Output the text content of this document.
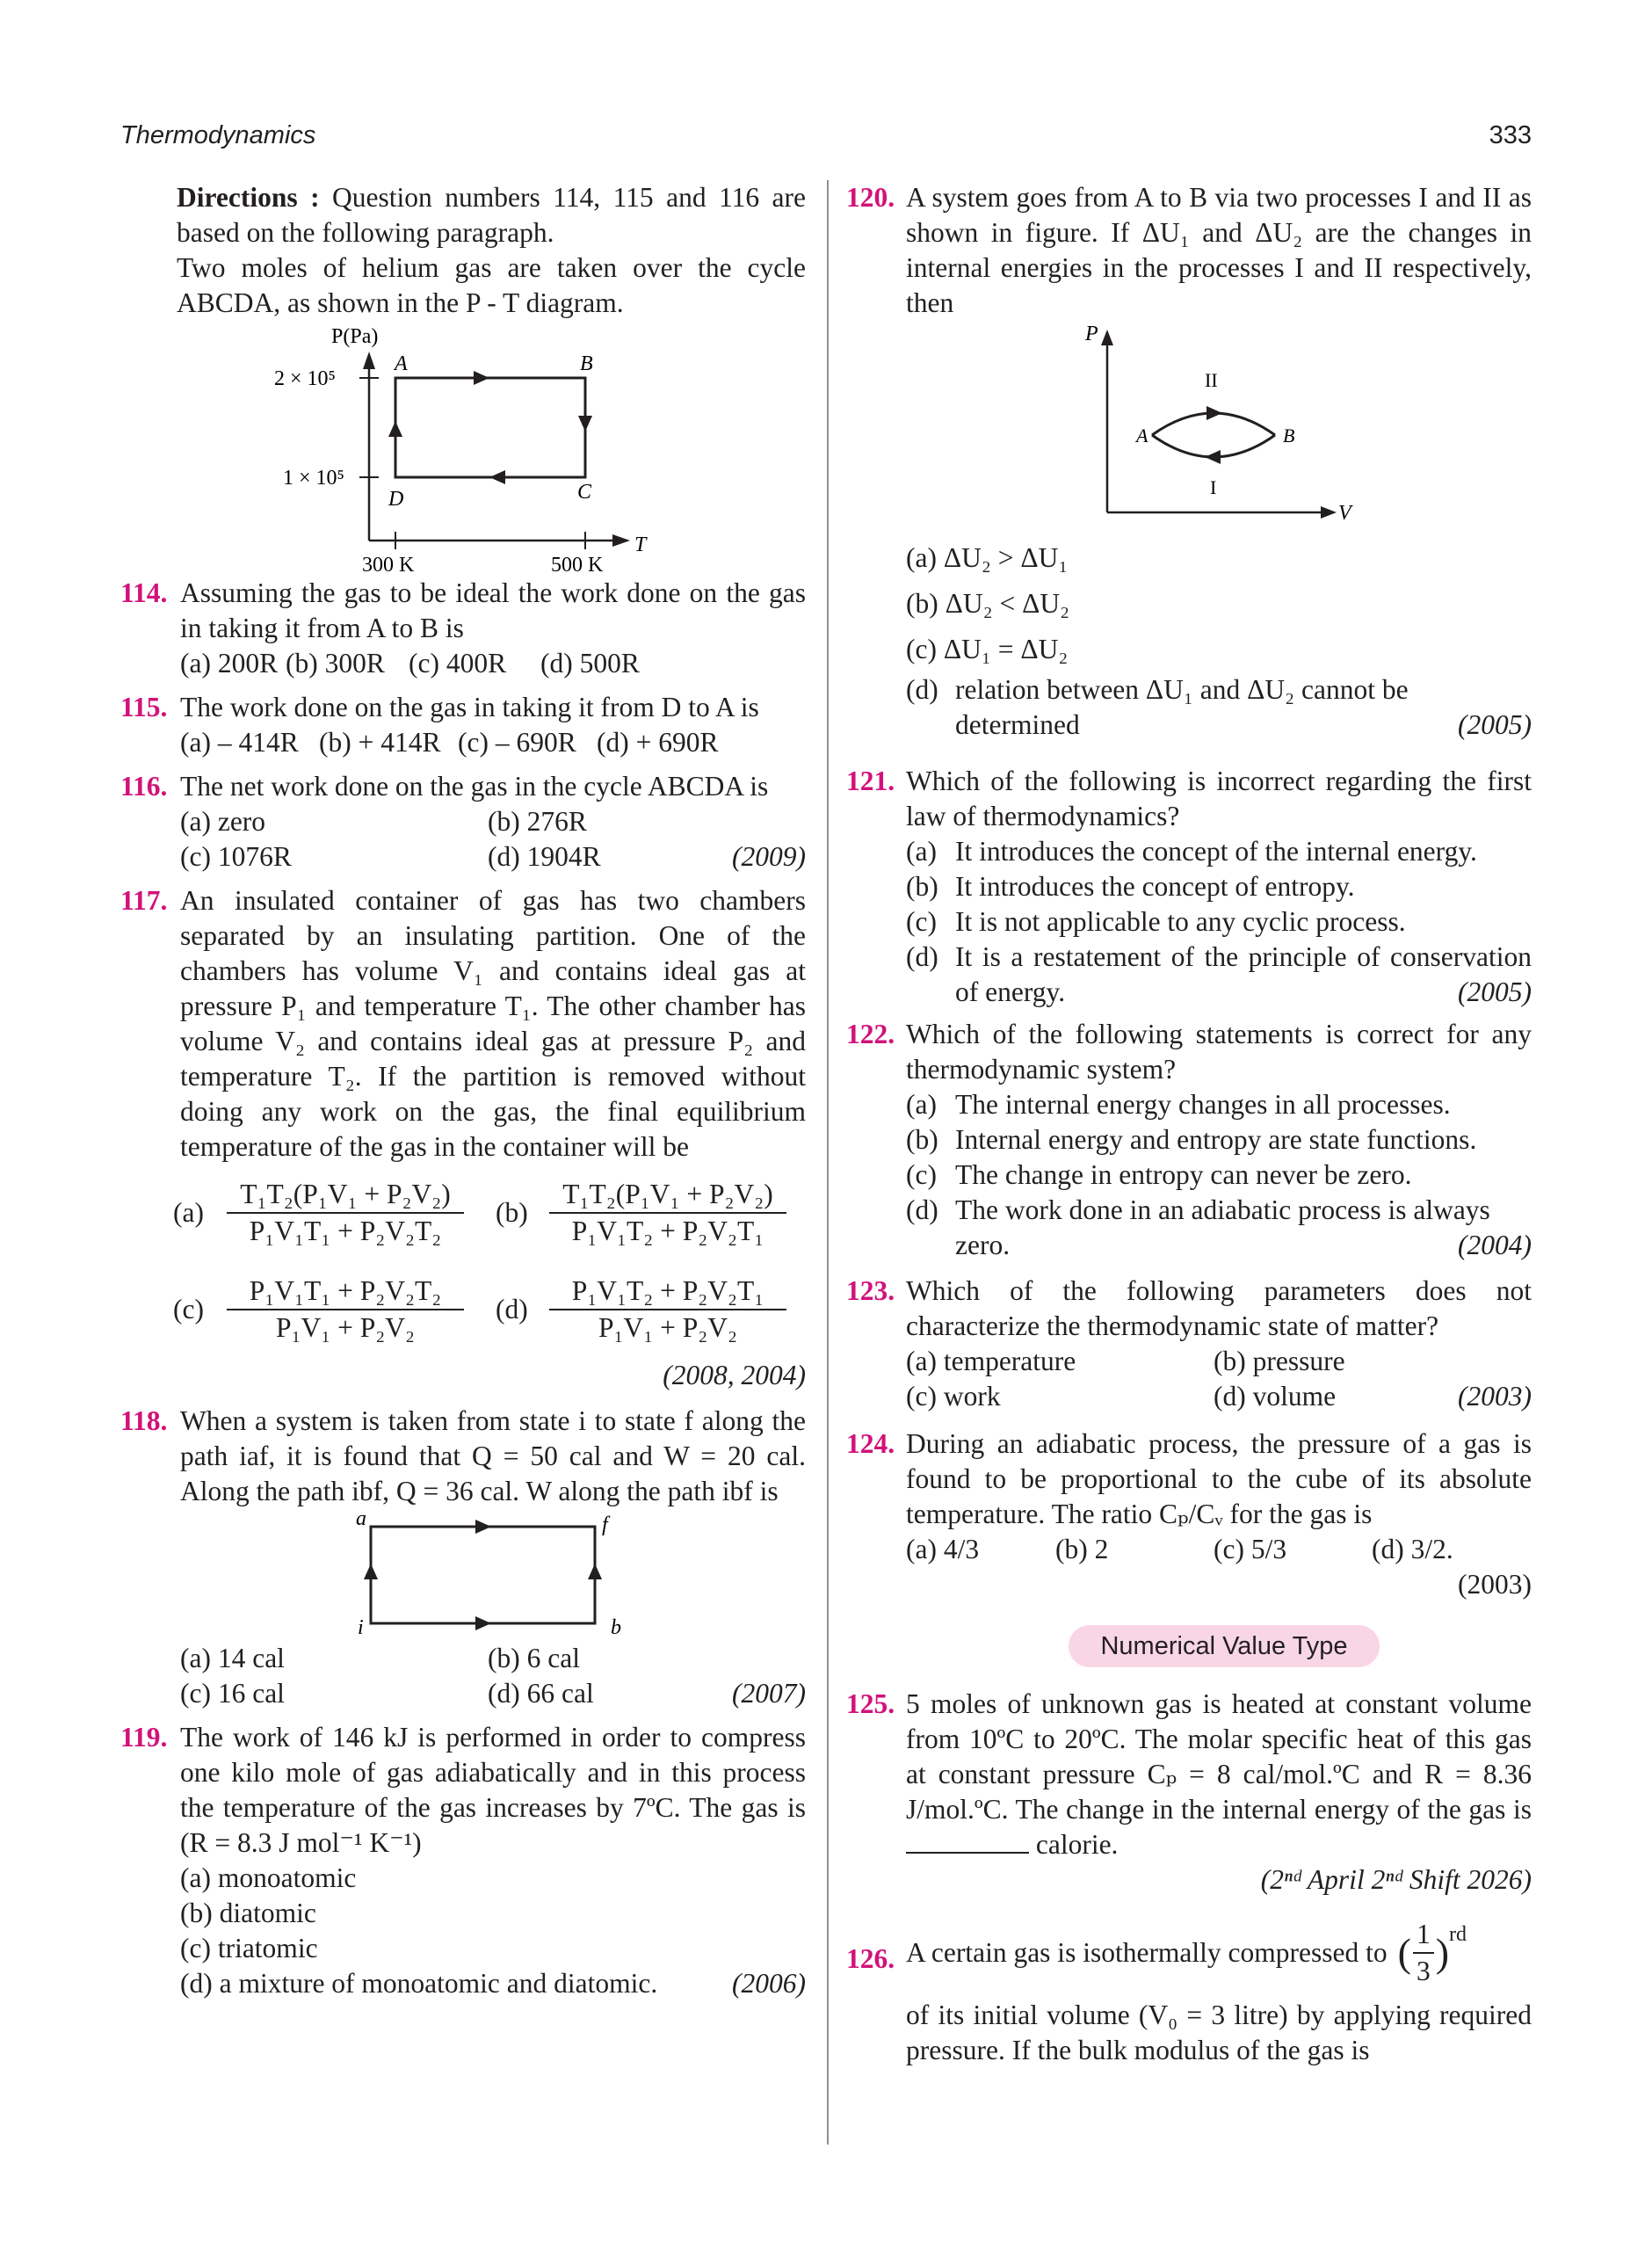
Thermodynamics	333

Directions : Question numbers 114, 115 and 116 are based on the following paragraph.

Two moles of helium gas are taken over the cycle ABCDA, as shown in the P - T diagram.

P(Pa)
T
2 × 10⁵
1 × 10⁵
A	B
C
D
300 K	500 K

114. Assuming the gas to be ideal the work done on the gas in taking it from A to B is

(a) 200R (b) 300R (c) 400R	(d) 500R

115. The work done on the gas in taking it from D to A is

(a) – 414R (b) + 414R (c) – 690R (d) + 690R

116. The net work done on the gas in the cycle ABCDA is

(a) zero	(b) 276R
(c) 1076R	(d) 1904R	(2009)

117. An insulated container of gas has two chambers separated by an insulating partition. One of the chambers has volume V₁ and contains ideal gas at pressure P₁ and temperature T₁. The other chamber has volume V₂ and contains ideal gas at pressure P₂ and temperature T₂. If the partition is removed without doing any work on the gas, the final equilibrium temperature of the gas in the container will be

$(a) \frac{\text{T₁T₂(P₁V₁ + P₂V₂)}}{\text{P₁V₁T₁ + P₂V₂T₂}} (b) \frac{\text{T₁T₂(P₁V₁ + P₂V₂)}}{\text{P₁V₁T₂ + P₂V₂T₁}}$
$(c) \frac{\text{P₁V₁T₁ + P₂V₂T₂}}{\text{P₁V₁ + P₂V₂}} (d) \frac{\text{P₁V₁T₂ + P₂V₂T₁}}{\text{P₁V₁ + P₂V₂}}$

(2008, 2004)

118. When a system is taken from state i to state f along the path iaf, it is found that Q = 50 cal and W = 20 cal. Along the path ibf, Q = 36 cal. W along the path ibf is

a	f
i	b
(a) 14 cal	(b) 6 cal
(c) 16 cal	(d) 66 cal	(2007)

119. The work of 146 kJ is performed in order to compress one kilo mole of gas adiabatically and in this process the temperature of the gas increases by 7ºC. The gas is (R = 8.3 J mol⁻¹ K⁻¹)

(a) monoatomic

(b) diatomic

(c) triatomic

(d) a mixture of monoatomic and diatomic.	(2006)

120. A system goes from A to B via two processes I and II as shown in figure. If ΔU₁ and ΔU₂ are the changes in internal energies in the processes I and II respectively, then

P
V
A	B
II
I

(a) ΔU₂ > ΔU₁

(b) ΔU₂ < ΔU₂

(c) ΔU₁ = ΔU₂

(d) relation between ΔU₁ and ΔU₂ cannot be

determined	(2005)

121. Which of the following is incorrect regarding the first law of thermodynamics?

(a) It introduces the concept of the internal energy.
(b) It introduces the concept of entropy.
(c) It is not applicable to any cyclic process.
(d) It is a restatement of the principle of conservation of energy.	(2005)

122. Which of the following statements is correct for any thermodynamic system?

(a) The internal energy changes in all processes.
(b) Internal energy and entropy are state functions.
(c) The change in entropy can never be zero.
(d) The work done in an adiabatic process is always

zero.	(2004)

123. Which of the following parameters does not characterize the thermodynamic state of matter?

(a) temperature	(b) pressure
(c) work	(d) volume	(2003)

124. During an adiabatic process, the pressure of a gas is found to be proportional to the cube of its absolute temperature. The ratio Cₚ/Cᵥ for the gas is

(a) 4/3	(b) 2	(c) 5/3	(d) 3/2.

(2003)

Numerical Value Type

125. 5 moles of unknown gas is heated at constant volume from 10ºC to 20ºC. The molar specific heat of this gas at constant pressure Cₚ = 8 cal/mol.ºC and R = 8.36 J/mol.ºC. The change in the internal energy of the gas is  calorie.

(2ⁿᵈ April 2ⁿᵈ Shift 2026)

126. A certain gas is isothermally compressed to ( $\frac{1}{3}$ ) rd

of its initial volume (V₀ = 3 litre) by applying required pressure. If the bulk modulus of the gas is
